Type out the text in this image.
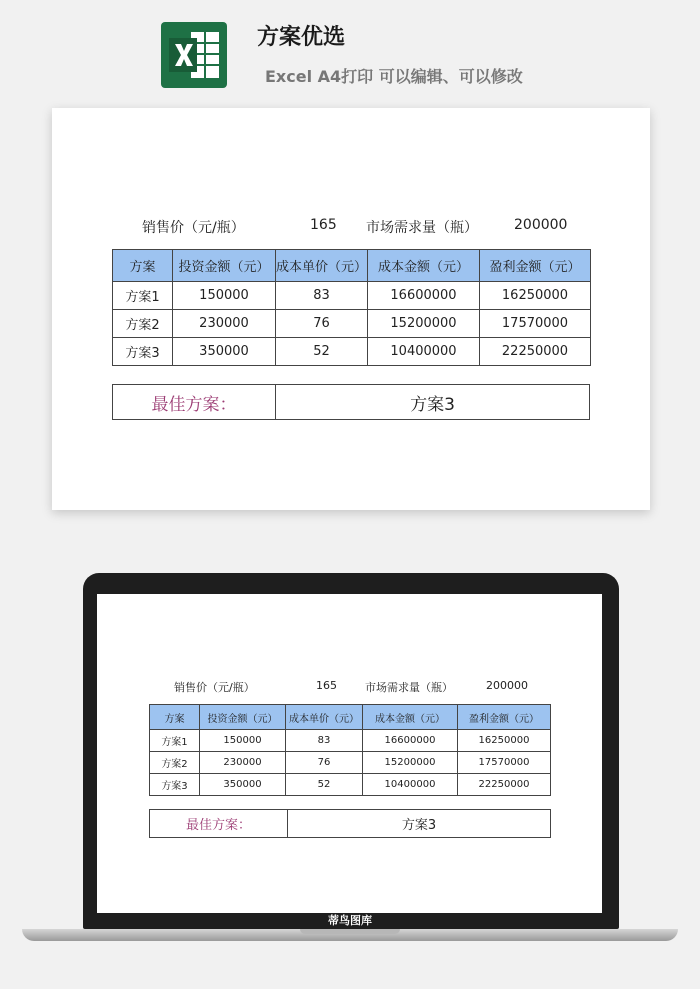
方案优选

Excel A4打印 可以编辑、可以修改

销售价（元/瓶）	165 市场需求量（瓶）	200000
方案	投资金额（元）	成本单价（元）	成本金额（元）	盈利金额（元）
方案1	150000	83	16600000	16250000
方案2	230000	76	15200000	17570000
方案3	350000	52	10400000	22250000
最佳方案：	方案3
销售价（元/瓶）	165	市场需求量（瓶）	200000
方案	投资金额（元）	成本单价（元）	成本金额（元）	盈利金额（元）
方案1	150000	83	16600000	16250000
方案2	230000	76	15200000	17570000
方案3	350000	52	10400000	22250000
最佳方案：	方案3
蒂鸟图库
